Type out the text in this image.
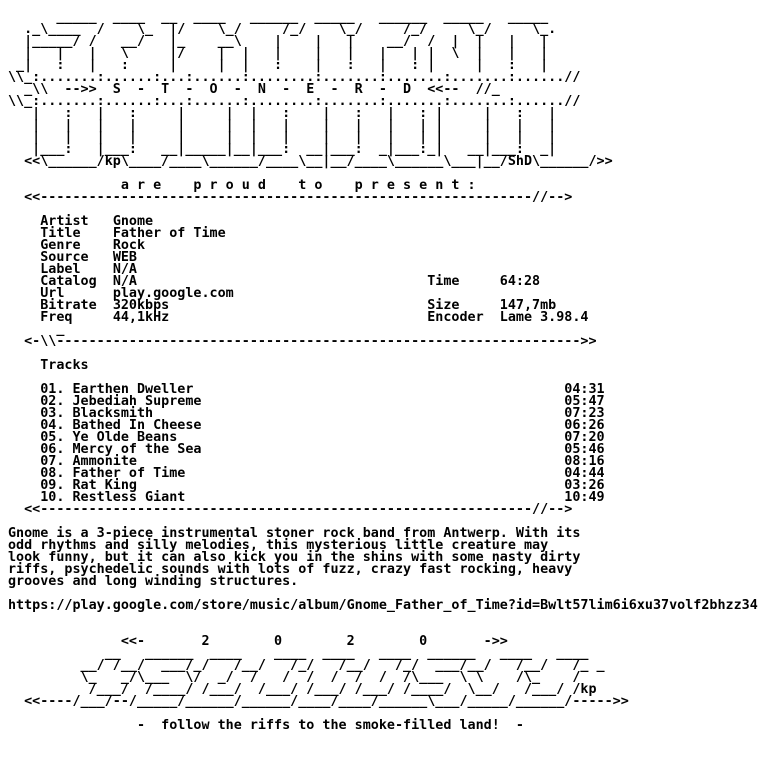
_____  ____  __  ____   ______  _____   ______  _____   _____
._\____  /    \_  |/    \_/     /_/    \_/     /_/     \_/     \_.
|_____/ /   __/   |_    __\    |    |   |    __/  /  |  |   |   |
|   |   |   \     |/    |  |   |    |   |   |   | |  \  |   |   |
_|   :   |   :     |     |  |   :    |   :   |   : |     |   :   |
\\_:.......:......:...:......:........:.......:.......:.......:......//
_\\  -->>  S  -  T  -  O  -  N  -  E  -  R  -  D  <<--  //_
\\_:.......:......:...:......:........:.......:.......:.......:......//
|   :   |   :     |     |  |   :    |   :   |   : |     |   :   |
|   |   |   |     |     |  |   |    |   |   |   | |     |   |   |
|   |   |   |     |     |  |   |    |   |   |   | |     |   |   |
|___:   |___:   __|_____|__|___:  __|___:  _|___:_|   __|___:  _|
<<\______/kp\____/____\______/____\__|__/____\______\___|__/ShD\______/>>
a r e    p r o u d    t o    p r e s e n t :
<<-------------------------------------------------------------//-->
Artist   Gnome
Title    Father of Time
Genre    Rock
Source   WEB
Label    N/A
Catalog  N/A	Time     64:28
Url      play.google.com
Bitrate  320kbps	Size     147,7mb
Freq     44,1kHz	Encoder  Lame 3.98.4
_
<-\\----------------------------------------------------------------->>
Tracks
01. Earthen Dweller	04:31
02. Jebediah Supreme	05:47
03. Blacksmith	07:23
04. Bathed In Cheese	06:26
05. Ye Olde Beans	07:20
06. Mercy of the Sea	05:46
07. Ammonite	08:16
08. Father of Time	04:44
09. Rat King	03:26
10. Restless Giant	10:49
<<-------------------------------------------------------------//-->
Gnome is a 3-piece instrumental stoner rock band from Antwerp. With its
odd rhythms and silly melodies, this mysterious little creature may
look funny, but it can also kick you in the shins with some nasty dirty
riffs, psychedelic sounds with lots of fuzz, crazy fast rocking, heavy
grooves and long winding structures.
https://play.google.com/store/music/album/Gnome_Father_of_Time?id=Bwlt57lim6i6xu37volf2bhzz34
<<-       2        0        2        0       ->>
__   ______  ____    ____  ____   ____  ______   ____   ____
__/ /__/  ___/_/   /__/   /_/   /__/   /_/  ___/__/   /__/   /_ _
\_   _/\___  \/  _/  /   /  /  /  /  /  /\___  \ \    /\_    /
/___/  /____/ /___/  /___/ /___/ /___/ /____/  \__/   /___/ /kp
<<----/___/--/_____/______/______/____/____/______\___/_____/______/----->>
-  follow the riffs to the smoke-filled land!  -
